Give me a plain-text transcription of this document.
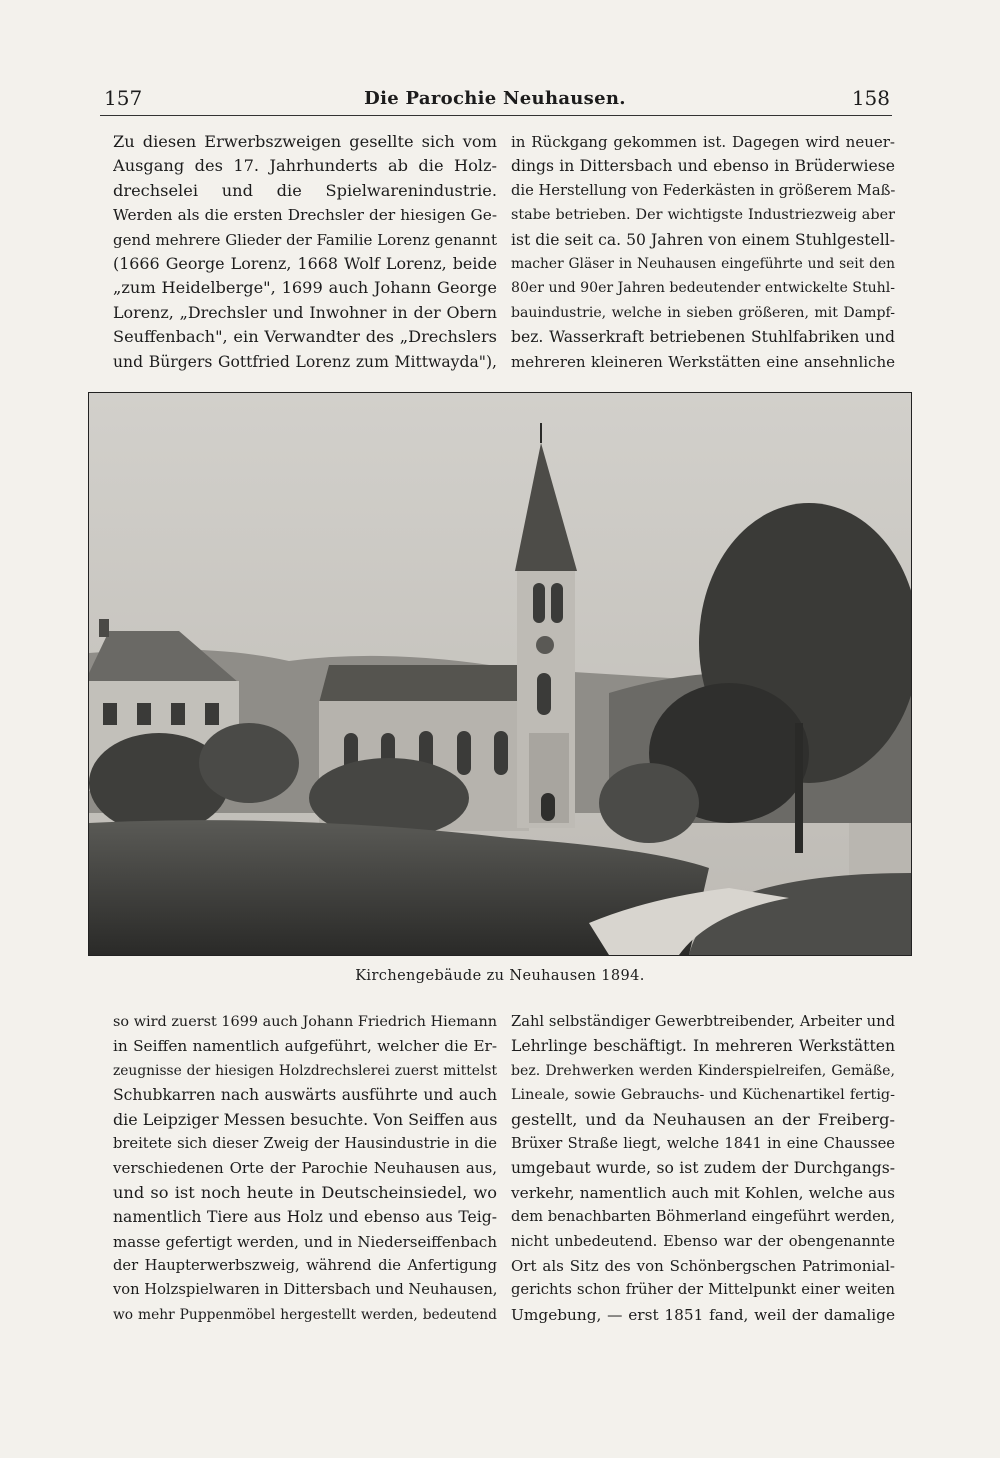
157	Die Parochie Neuhausen.	158
Zu diesen Erwerbszweigen gesellte sich vom
Ausgang des 17. Jahrhunderts ab die Holz-
drechselei und die Spielwarenindustrie.
Werden als die ersten Drechsler der hiesigen Ge-
gend mehrere Glieder der Familie Lorenz genannt
(1666 George Lorenz, 1668 Wolf Lorenz, beide
„zum Heidelberge", 1699 auch Johann George
Lorenz, „Drechsler und Inwohner in der Obern
Seuffenbach", ein Verwandter des „Drechslers
und Bürgers Gottfried Lorenz zum Mittwayda"),
in Rückgang gekommen ist. Dagegen wird neuer-
dings in Dittersbach und ebenso in Brüderwiese
die Herstellung von Federkästen in größerem Maß-
stabe betrieben. Der wichtigste Industriezweig aber
ist die seit ca. 50 Jahren von einem Stuhlgestell-
macher Gläser in Neuhausen eingeführte und seit den
80er und 90er Jahren bedeutender entwickelte Stuhl-
bauindustrie, welche in sieben größeren, mit Dampf-
bez. Wasserkraft betriebenen Stuhlfabriken und
mehreren kleineren Werkstätten eine ansehnliche
Kirchengebäude zu Neuhausen 1894.
so wird zuerst 1699 auch Johann Friedrich Hiemann
in Seiffen namentlich aufgeführt, welcher die Er-
zeugnisse der hiesigen Holzdrechslerei zuerst mittelst
Schubkarren nach auswärts ausführte und auch
die Leipziger Messen besuchte. Von Seiffen aus
breitete sich dieser Zweig der Hausindustrie in die
verschiedenen Orte der Parochie Neuhausen aus,
und so ist noch heute in Deutscheinsiedel, wo
namentlich Tiere aus Holz und ebenso aus Teig-
masse gefertigt werden, und in Niederseiffenbach
der Haupterwerbszweig, während die Anfertigung
von Holzspielwaren in Dittersbach und Neuhausen,
wo mehr Puppenmöbel hergestellt werden, bedeutend
Zahl selbständiger Gewerbtreibender, Arbeiter und
Lehrlinge beschäftigt. In mehreren Werkstätten
bez. Drehwerken werden Kinderspielreifen, Gemäße,
Lineale, sowie Gebrauchs- und Küchenartikel fertig-
gestellt, und da Neuhausen an der Freiberg-
Brüxer Straße liegt, welche 1841 in eine Chaussee
umgebaut wurde, so ist zudem der Durchgangs-
verkehr, namentlich auch mit Kohlen, welche aus
dem benachbarten Böhmerland eingeführt werden,
nicht unbedeutend. Ebenso war der obengenannte
Ort als Sitz des von Schönbergschen Patrimonial-
gerichts schon früher der Mittelpunkt einer weiten
Umgebung, — erst 1851 fand, weil der damalige
